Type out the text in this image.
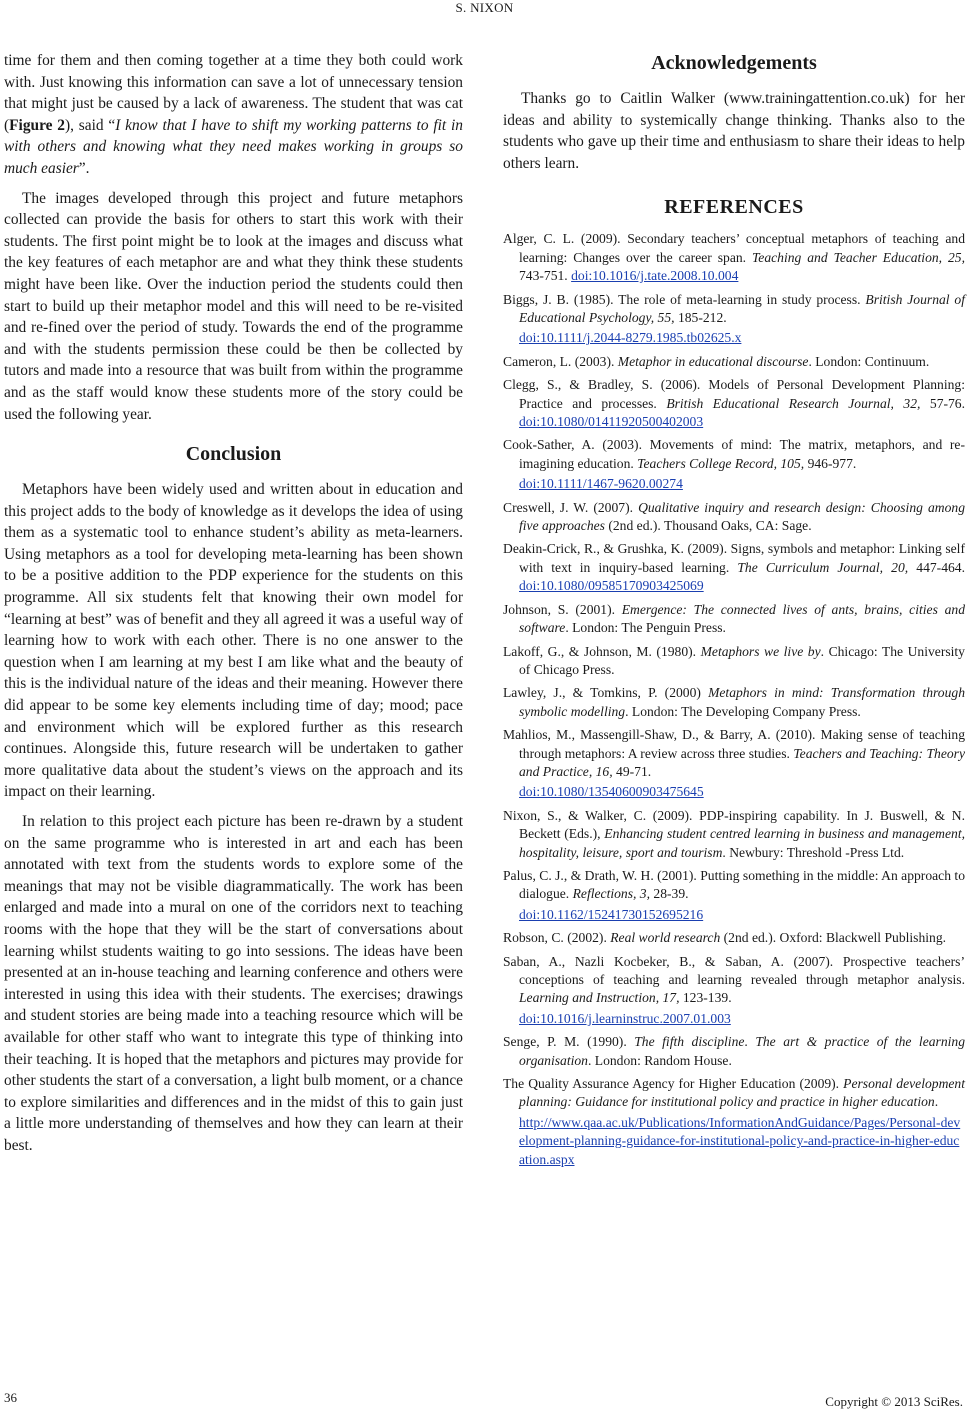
S. NIXON

time for them and then coming together at a time they both could work with. Just knowing this information can save a lot of unnecessary tension that might just be caused by a lack of awareness. The student that was cat (Figure 2), said “I know that I have to shift my working patterns to fit in with others and knowing what they need makes working in groups so much easier”.

The images developed through this project and future metaphors collected can provide the basis for others to start this work with their students. The first point might be to look at the images and discuss what the key features of each metaphor are and what they think these students might have been like. Over the induction period the students could then start to build up their metaphor model and this will need to be re-visited and re-fined over the period of study. Towards the end of the programme and with the students permission these could be then be collected by tutors and made into a resource that was built from within the programme and as the staff would know these students more of the story could be used the following year.

Conclusion

Metaphors have been widely used and written about in education and this project adds to the body of knowledge as it develops the idea of using them as a systematic tool to enhance student’s ability as meta-learners. Using metaphors as a tool for developing meta-learning has been shown to be a positive addition to the PDP experience for the students on this programme. All six students felt that knowing their own model for “learning at best” was of benefit and they all agreed it was a useful way of learning how to work with each other. There is no one answer to the question when I am learning at my best I am like what and the beauty of this is the individual nature of the ideas and their meaning. However there did appear to be some key elements including time of day; mood; pace and environment which will be explored further as this research continues. Alongside this, future research will be undertaken to gather more qualitative data about the student’s views on the approach and its impact on their learning.

In relation to this project each picture has been re-drawn by a student on the same programme who is interested in art and each has been annotated with text from the students words to explore some of the meanings that may not be visible diagrammatically. The work has been enlarged and made into a mural on one of the corridors next to teaching rooms with the hope that they will be the start of conversations about learning whilst students waiting to go into sessions. The ideas have been presented at an in-house teaching and learning conference and others were interested in using this idea with their students. The exercises; drawings and student stories are being made into a teaching resource which will be available for other staff who want to integrate this type of thinking into their teaching. It is hoped that the metaphors and pictures may provide for other students the start of a conversation, a light bulb moment, or a chance to explore similarities and differences and in the midst of this to gain just a little more understanding of themselves and how they can learn at their best.

Acknowledgements

Thanks go to Caitlin Walker (www.trainingattention.co.uk) for her ideas and ability to systemically change thinking. Thanks also to the students who gave up their time and enthusiasm to share their ideas to help others learn.

REFERENCES
Alger, C. L. (2009). Secondary teachers’ conceptual metaphors of teaching and learning: Changes over the career span. Teaching and Teacher Education, 25, 743-751. doi:10.1016/j.tate.2008.10.004
Biggs, J. B. (1985). The role of meta-learning in study process. British Journal of Educational Psychology, 55, 185-212.
doi:10.1111/j.2044-8279.1985.tb02625.x
Cameron, L. (2003). Metaphor in educational discourse. London: Continuum.
Clegg, S., & Bradley, S. (2006). Models of Personal Development Planning: Practice and processes. British Educational Research Journal, 32, 57-76. doi:10.1080/01411920500402003
Cook-Sather, A. (2003). Movements of mind: The matrix, metaphors, and re-imagining education. Teachers College Record, 105, 946-977.
doi:10.1111/1467-9620.00274
Creswell, J. W. (2007). Qualitative inquiry and research design: Choosing among five approaches (2nd ed.). Thousand Oaks, CA: Sage.
Deakin-Crick, R., & Grushka, K. (2009). Signs, symbols and metaphor: Linking self with text in inquiry-based learning. The Curriculum Journal, 20, 447-464. doi:10.1080/09585170903425069
Johnson, S. (2001). Emergence: The connected lives of ants, brains, cities and software. London: The Penguin Press.
Lakoff, G., & Johnson, M. (1980). Metaphors we live by. Chicago: The University of Chicago Press.
Lawley, J., & Tomkins, P. (2000) Metaphors in mind: Transformation through symbolic modelling. London: The Developing Company Press.
Mahlios, M., Massengill-Shaw, D., & Barry, A. (2010). Making sense of teaching through metaphors: A review across three studies. Teachers and Teaching: Theory and Practice, 16, 49-71.
doi:10.1080/13540600903475645
Nixon, S., & Walker, C. (2009). PDP-inspiring capability. In J. Buswell, & N. Beckett (Eds.), Enhancing student centred learning in business and management, hospitality, leisure, sport and tourism. Newbury: Threshold -Press Ltd.
Palus, C. J., & Drath, W. H. (2001). Putting something in the middle: An approach to dialogue. Reflections, 3, 28-39.
doi:10.1162/15241730152695216
Robson, C. (2002). Real world research (2nd ed.). Oxford: Blackwell Publishing.
Saban, A., Nazli Kocbeker, B., & Saban, A. (2007). Prospective teachers’ conceptions of teaching and learning revealed through metaphor analysis. Learning and Instruction, 17, 123-139.
doi:10.1016/j.learninstruc.2007.01.003
Senge, P. M. (1990). The fifth discipline. The art & practice of the learning organisation. London: Random House.
The Quality Assurance Agency for Higher Education (2009). Personal development planning: Guidance for institutional policy and practice in higher education.
http://www.qaa.ac.uk/Publications/InformationAndGuidance/Pages/Personal-development-planning-guidance-for-institutional-policy-and-practice-in-higher-education.aspx
36	Copyright © 2013 SciRes.
